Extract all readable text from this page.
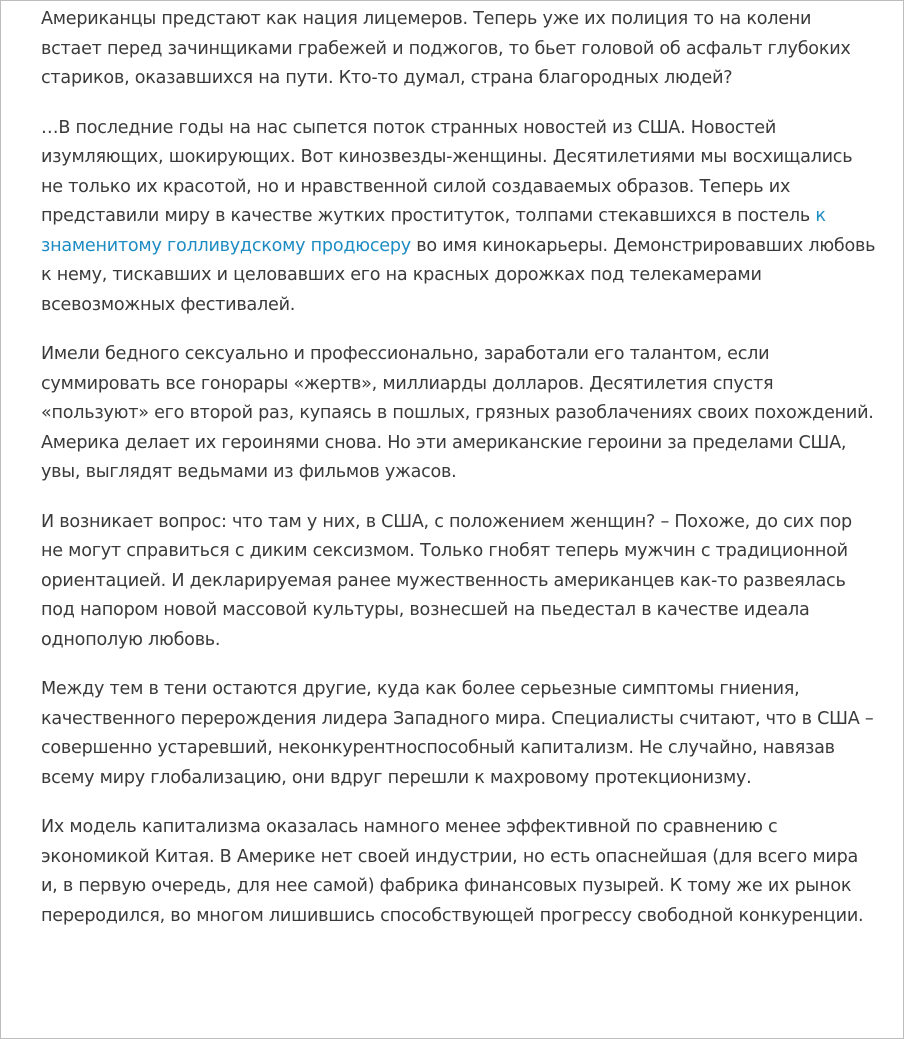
Американцы предстают как нация лицемеров. Теперь уже их полиция то на колени встает перед зачинщиками грабежей и поджогов, то бьет головой об асфальт глубоких стариков, оказавшихся на пути. Кто-то думал, страна благородных людей?

…В последние годы на нас сыпется поток странных новостей из США. Новостей изумляющих, шокирующих. Вот кинозвезды-женщины. Десятилетиями мы восхищались не только их красотой, но и нравственной силой создаваемых образов. Теперь их представили миру в качестве жутких проституток, толпами стекавшихся в постель к знаменитому голливудскому продюсеру во имя кинокарьеры. Демонстрировавших любовь к нему, тискавших и целовавших его на красных дорожках под телекамерами всевозможных фестивалей.

Имели бедного сексуально и профессионально, заработали его талантом, если суммировать все гонорары «жертв», миллиарды долларов. Десятилетия спустя «пользуют» его второй раз, купаясь в пошлых, грязных разоблачениях своих похождений. Америка делает их героинями снова. Но эти американские героини за пределами США, увы, выглядят ведьмами из фильмов ужасов.

И возникает вопрос: что там у них, в США, с положением женщин? – Похоже, до сих пор не могут справиться с диким сексизмом. Только гнобят теперь мужчин с традиционной ориентацией. И декларируемая ранее мужественность американцев как-то развеялась под напором новой массовой культуры, вознесшей на пьедестал в качестве идеала однополую любовь.

Между тем в тени остаются другие, куда как более серьезные симптомы гниения, качественного перерождения лидера Западного мира. Специалисты считают, что в США – совершенно устаревший, неконкурентноспособный капитализм. Не случайно, навязав всему миру глобализацию, они вдруг перешли к махровому протекционизму.

Их модель капитализма оказалась намного менее эффективной по сравнению с экономикой Китая. В Америке нет своей индустрии, но есть опаснейшая (для всего мира и, в первую очередь, для нее самой) фабрика финансовых пузырей. К тому же их рынок переродился, во многом лишившись способствующей прогрессу свободной конкуренции.
